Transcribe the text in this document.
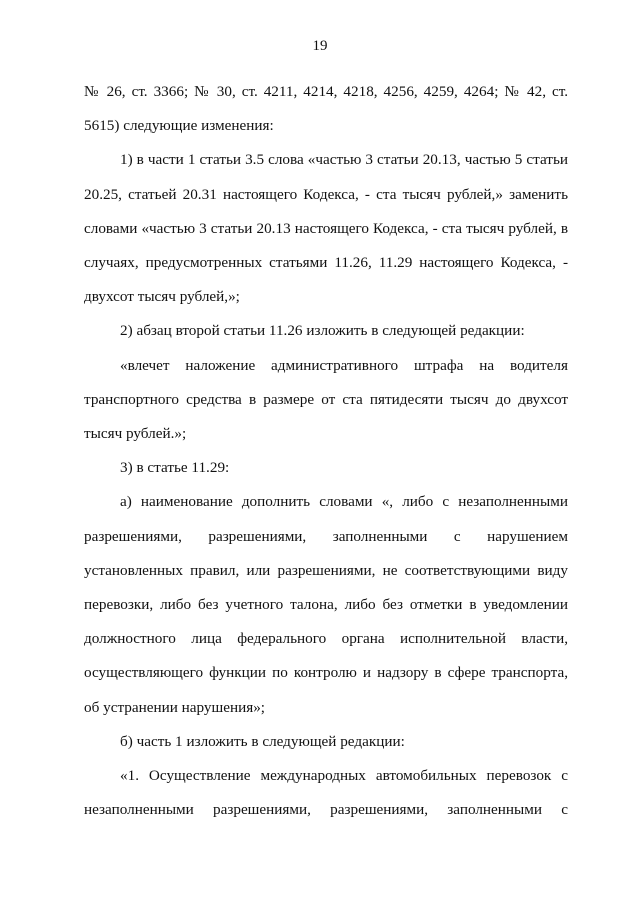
19

№ 26, ст. 3366; № 30, ст. 4211, 4214, 4218, 4256, 4259, 4264; № 42, ст. 5615) следующие изменения:

1) в части 1 статьи 3.5 слова «частью 3 статьи 20.13, частью 5 статьи 20.25, статьей 20.31 настоящего Кодекса, - ста тысяч рублей,» заменить словами «частью 3 статьи 20.13 настоящего Кодекса, - ста тысяч рублей, в случаях, предусмотренных статьями 11.26, 11.29 настоящего Кодекса, - двухсот тысяч рублей,»;

2) абзац второй статьи 11.26 изложить в следующей редакции:

«влечет наложение административного штрафа на водителя транспортного средства в размере от ста пятидесяти тысяч до двухсот тысяч рублей.»;

3) в статье 11.29:

а) наименование дополнить словами «, либо с незаполненными разрешениями, разрешениями, заполненными с нарушением установленных правил, или разрешениями, не соответствующими виду перевозки, либо без учетного талона, либо без отметки в уведомлении должностного лица федерального органа исполнительной власти, осуществляющего функции по контролю и надзору в сфере транспорта, об устранении нарушения»;

б) часть 1 изложить в следующей редакции:

«1. Осуществление международных автомобильных перевозок с незаполненными разрешениями, разрешениями, заполненными с
